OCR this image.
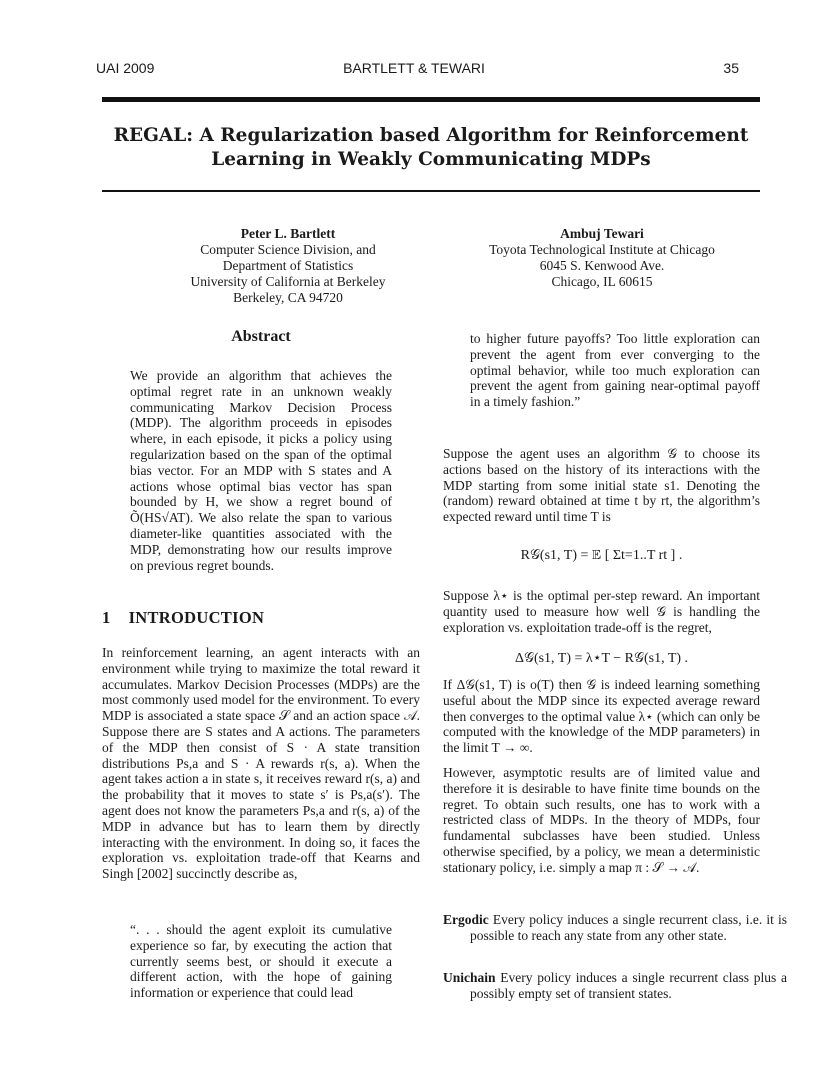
UAI 2009	BARTLETT & TEWARI	35
REGAL: A Regularization based Algorithm for Reinforcement
Learning in Weakly Communicating MDPs
Peter L. Bartlett
Computer Science Division, and
Department of Statistics
University of California at Berkeley
Berkeley, CA 94720
Ambuj Tewari
Toyota Technological Institute at Chicago
6045 S. Kenwood Ave.
Chicago, IL 60615
Abstract
We provide an algorithm that achieves the optimal regret rate in an unknown weakly communicating Markov Decision Process (MDP). The algorithm proceeds in episodes where, in each episode, it picks a policy using regularization based on the span of the optimal bias vector. For an MDP with S states and A actions whose optimal bias vector has span bounded by H, we show a regret bound of Õ(HS√AT). We also relate the span to various diameter-like quantities associated with the MDP, demonstrating how our results improve on previous regret bounds.
1 INTRODUCTION
In reinforcement learning, an agent interacts with an environment while trying to maximize the total reward it accumulates. Markov Decision Processes (MDPs) are the most commonly used model for the environment. To every MDP is associated a state space 𝒮 and an action space 𝒜. Suppose there are S states and A actions. The parameters of the MDP then consist of S · A state transition distributions Ps,a and S · A rewards r(s, a). When the agent takes action a in state s, it receives reward r(s, a) and the probability that it moves to state s′ is Ps,a(s′). The agent does not know the parameters Ps,a and r(s, a) of the MDP in advance but has to learn them by directly interacting with the environment. In doing so, it faces the exploration vs. exploitation trade-off that Kearns and Singh [2002] succinctly describe as,
“. . . should the agent exploit its cumulative experience so far, by executing the action that currently seems best, or should it execute a different action, with the hope of gaining information or experience that could lead
to higher future payoffs? Too little exploration can prevent the agent from ever converging to the optimal behavior, while too much exploration can prevent the agent from gaining near-optimal payoff in a timely fashion.”
Suppose the agent uses an algorithm 𝒢 to choose its actions based on the history of its interactions with the MDP starting from some initial state s1. Denoting the (random) reward obtained at time t by rt, the algorithm’s expected reward until time T is
R𝒢(s1, T) = 𝔼 [ Σt=1..T rt ] .
Suppose λ⋆ is the optimal per-step reward. An important quantity used to measure how well 𝒢 is handling the exploration vs. exploitation trade-off is the regret,
Δ𝒢(s1, T) = λ⋆T − R𝒢(s1, T) .
If Δ𝒢(s1, T) is o(T) then 𝒢 is indeed learning something useful about the MDP since its expected average reward then converges to the optimal value λ⋆ (which can only be computed with the knowledge of the MDP parameters) in the limit T → ∞.
However, asymptotic results are of limited value and therefore it is desirable to have finite time bounds on the regret. To obtain such results, one has to work with a restricted class of MDPs. In the theory of MDPs, four fundamental subclasses have been studied. Unless otherwise specified, by a policy, we mean a deterministic stationary policy, i.e. simply a map π : 𝒮 → 𝒜.
Ergodic Every policy induces a single recurrent class, i.e. it is possible to reach any state from any other state.
Unichain Every policy induces a single recurrent class plus a possibly empty set of transient states.
